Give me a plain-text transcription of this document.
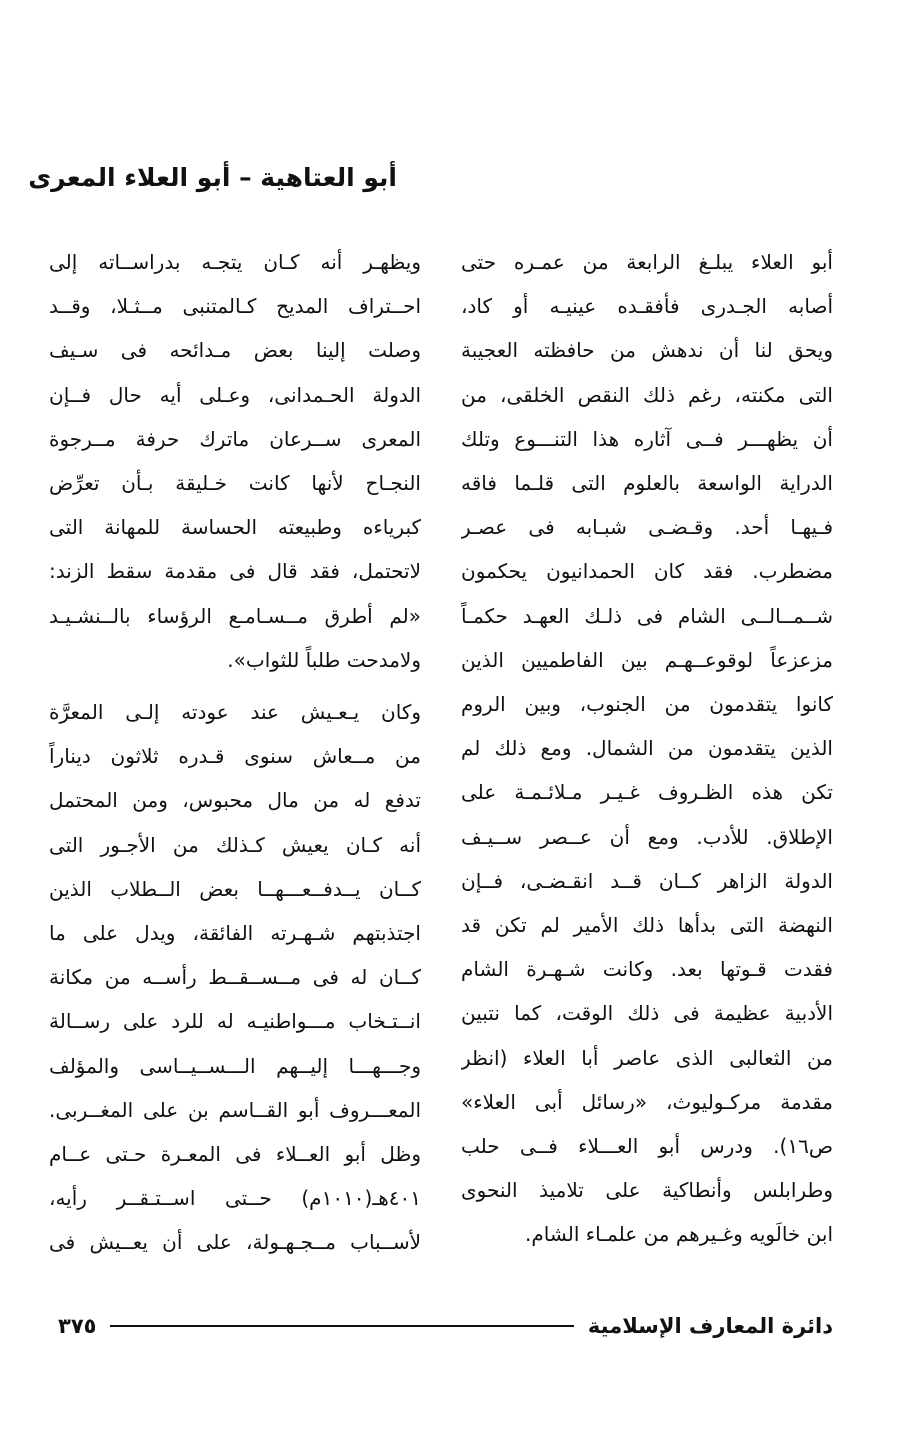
أبو العتاهية – أبو العلاء المعرى

أبو العلاء يبلـغ الرابعة من عمـره حتى
أصابه الجـدرى فأفقـده عينيـه أو كاد،
ويحق لنا أن ندهش من حافظته العجيبة
التى مكنته، رغم ذلك النقص الخلقى، من
أن يظهـــر فــى آثاره هذا التنـــوع وتلك
الدراية الواسعة بالعلوم التى قلـما فاقه
فـيهـا أحد. وقـضـى شبـابه فى عصـر
مضطرب. فقد كان الحمدانيون يحكمون
شــمــالــى الشام فى ذلـك العهـد حكمـاً
مزعزعاً لوقوعــهـم بين الفاطميين الذين
كانوا يتقدمون من الجنوب، وبين الروم
الذين يتقدمون من الشمال. ومع ذلك لم
تكن هذه الظـروف غـيـر مـلائـمـة على
الإطلاق. للأدب. ومع أن عــصر ســيـف
الدولة الزاهر كــان قــد انقـضـى، فــإن
النهضة التى بدأها ذلك الأمير لم تكن قد
فقدت قـوتها بعد. وكانت شـهـرة الشام
الأدبية عظيمة فى ذلك الوقت، كما نتبين
من الثعالبى الذى عاصر أبا العلاء (انظر
مقدمة مركـوليوث، «رسائل أبى العلاء»
ص١٦). ودرس أبو العـــلاء فــى حلب
وطرابلس وأنطاكية على تلاميذ النحوى
ابن خالَويه وغـيرهم من علمـاء الشام.

ويظهـر أنه كـان يتجـه بدراســاته إلى
احــتراف المديح كـالمتنبى مــثـلا، وقــد
وصلت إلينا بعض مـدائحه فى سـيف
الدولة الحـمدانى، وعـلى أيه حال فــإن
المعرى ســرعان ماترك حرفة مــرجوة
النجـاح لأنها كانت خـليقة بـأن تعرِّض
كبرياءه وطبيعته الحساسة للمهانة التى
لاتحتمل، فقد قال فى مقدمة سقط الزند:
«لم أطرق مــسـامـع الرؤساء بالــنشـيـد
ولامدحت طلباً للثواب».

وكان يـعـيش عند عودته إلـى المعرَّة
من مــعاش سنوى قـدره ثلاثون ديناراً
تدفع له من مال محبوس، ومن المحتمل
أنه كـان يعيش كـذلك من الأجـور التى
كــان يــدفــعـــهــا بعض الــطلاب الذين
اجتذبتهم شـهـرته الفائقة، ويدل على ما
كــان له فى مــســقــط رأســه من مكانة
انــتـخاب مـــواطنيـه له للرد على رســالة
وجـــهـــا إليــهم الـــســيــاسى والمؤلف
المعـــروف أبو القــاسم بن على المغــربى.
وظل أبو العــلاء فى المعـرة حـتى عــام
٤٠١هـ(١٠١٠م) حــتى اســتـقــر رأيه،
لأســباب مــجـهـولة، على أن يعــيش فى

دائرة المعارف الإسلامية
٣٧٥
